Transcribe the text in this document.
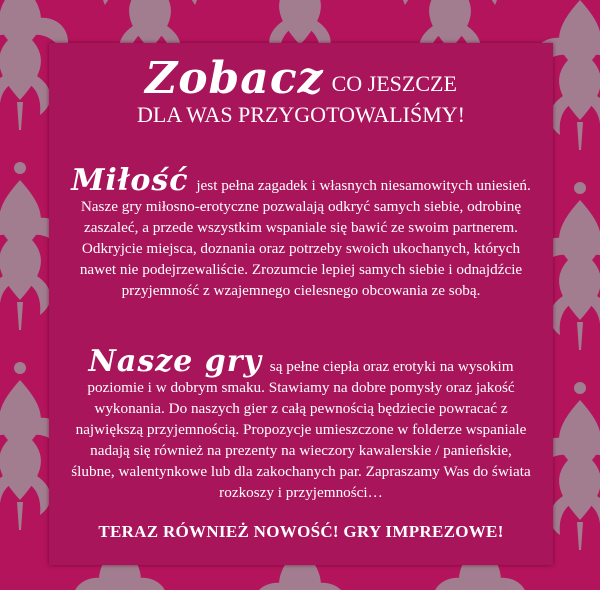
Zobacz CO JESZCZE
DLA WAS PRZYGOTOWALIŚMY!

Miłość jest pełna zagadek i własnych niesamowitych uniesień. Nasze gry miłosno-erotyczne pozwalają odkryć samych siebie, odrobinę zaszaleć, a przede wszystkim wspaniale się bawić ze swoim partnerem. Odkryjcie miejsca, doznania oraz potrzeby swoich ukochanych, których nawet nie podejrzewaliście. Zrozumcie lepiej samych siebie i odnajdźcie przyjemność z wzajemnego cielesnego obcowania ze sobą.

Nasze gry są pełne ciepła oraz erotyki na wysokim poziomie i w dobrym smaku. Stawiamy na dobre pomysły oraz jakość wykonania. Do naszych gier z całą pewnością będziecie powracać z największą przyjemnością. Propozycje umieszczone w folderze wspaniale nadają się również na prezenty na wieczory kawalerskie / panieńskie, ślubne, walentynkowe lub dla zakochanych par. Zapraszamy Was do świata rozkoszy i przyjemności…

TERAZ RÓWNIEŻ NOWOŚĆ! GRY IMPREZOWE!
